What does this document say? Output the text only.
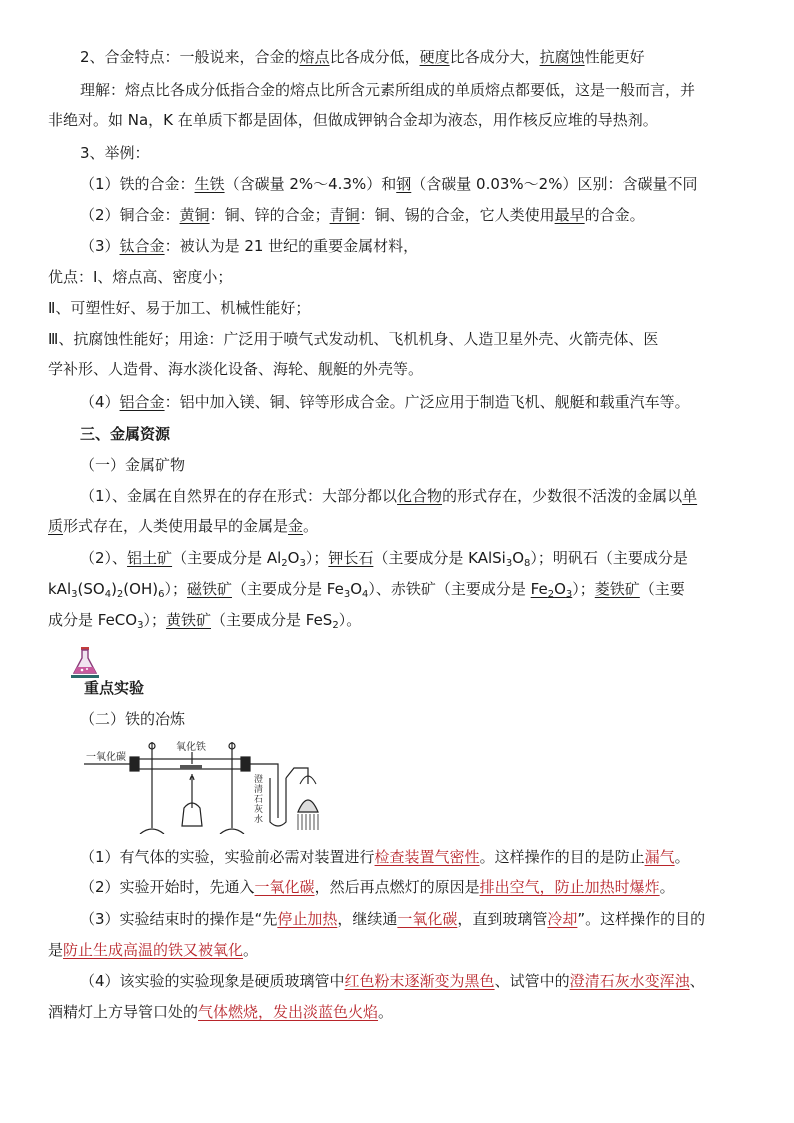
2、合金特点：一般说来，合金的熔点比各成分低，硬度比各成分大，抗腐蚀性能更好
理解：熔点比各成分低指合金的熔点比所含元素所组成的单质熔点都要低，这是一般而言，并
非绝对。如 Na，K 在单质下都是固体，但做成钾钠合金却为液态，用作核反应堆的导热剂。
3、举例：
（1）铁的合金：生铁（含碳量 2%～4.3%）和钢（含碳量 0.03%～2%）区别：含碳量不同
（2）铜合金：黄铜：铜、锌的合金；青铜：铜、锡的合金，它人类使用最早的合金。
（3）钛合金：被认为是 21 世纪的重要金属材料，
优点：I、熔点高、密度小；
Ⅱ、可塑性好、易于加工、机械性能好；
Ⅲ、抗腐蚀性能好；用途：广泛用于喷气式发动机、飞机机身、人造卫星外壳、火箭壳体、医
学补形、人造骨、海水淡化设备、海轮、舰艇的外壳等。
（4）铝合金：铝中加入镁、铜、锌等形成合金。广泛应用于制造飞机、舰艇和载重汽车等。
三、金属资源
（一）金属矿物
（1）、金属在自然界在的存在形式：大部分都以化合物的形式存在，少数很不活泼的金属以单
质形式存在，人类使用最早的金属是金。
（2）、铝土矿（主要成分是 $Al_2O_3$）；钾长石（主要成分是 $KAlSi_3O_8$）；明矾石（主要成分是
$kAl_3(SO_4)_2(OH)_6$）；磁铁矿（主要成分是 $Fe_3O_4$）、赤铁矿（主要成分是 $Fe_2O_3$）；菱铁矿（主要
成分是 FeCO$_3$）；黄铁矿（主要成分是 FeS$_2$）。
重点实验
（二）铁的冶炼
一氧化碳
氧化铁
澄
清
石
灰
水
（1）有气体的实验，实验前必需对装置进行检查装置气密性。这样操作的目的是防止漏气。
（2）实验开始时，先通入一氧化碳，然后再点燃灯的原因是排出空气，防止加热时爆炸。
（3）实验结束时的操作是“先停止加热，继续通一氧化碳，直到玻璃管冷却”。这样操作的目的
是防止生成高温的铁又被氧化。
（4）该实验的实验现象是硬质玻璃管中红色粉末逐渐变为黑色、试管中的澄清石灰水变浑浊、
酒精灯上方导管口处的气体燃烧，发出淡蓝色火焰。
